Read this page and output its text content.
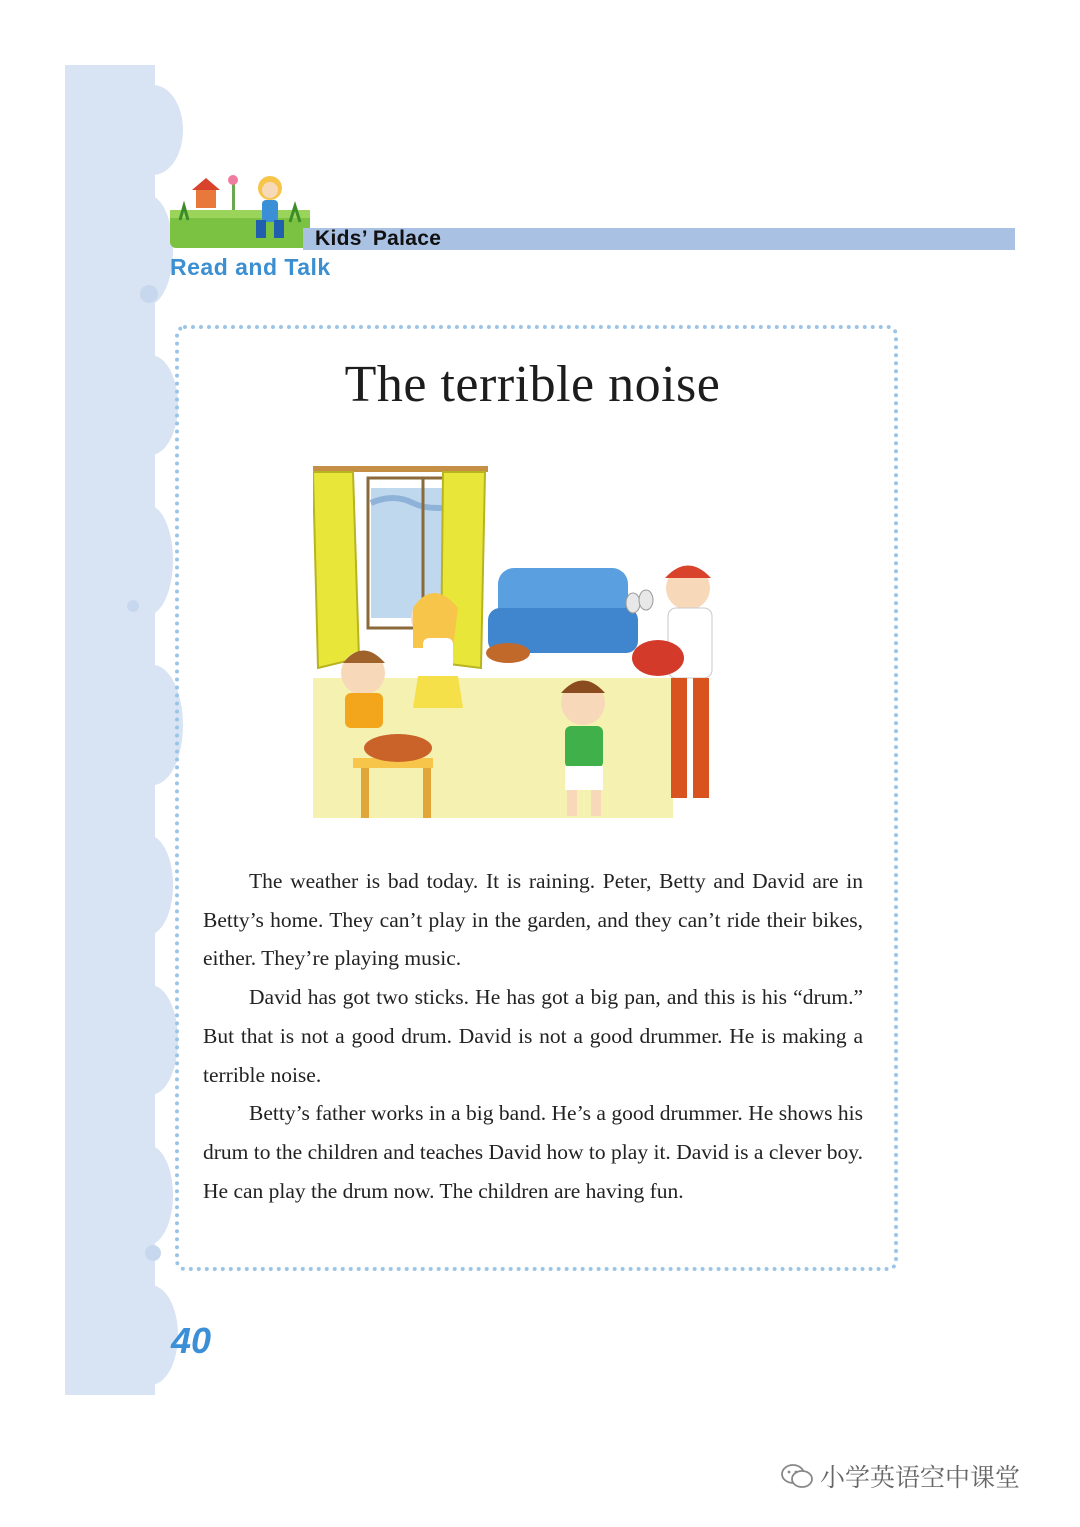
Kids’ Palace
Read and Talk
The terrible noise

The weather is bad today. It is raining. Peter, Betty and David are in Betty’s home. They can’t play in the garden, and they can’t ride their bikes, either. They’re playing music.

David has got two sticks. He has got a big pan, and this is his “drum.” But that is not a good drum. David is not a good drummer. He is making a terrible noise.

Betty’s father works in a big band. He’s a good drummer. He shows his drum to the children and teaches David how to play it. David is a clever boy. He can play the drum now. The children are having fun.

40
小学英语空中课堂
